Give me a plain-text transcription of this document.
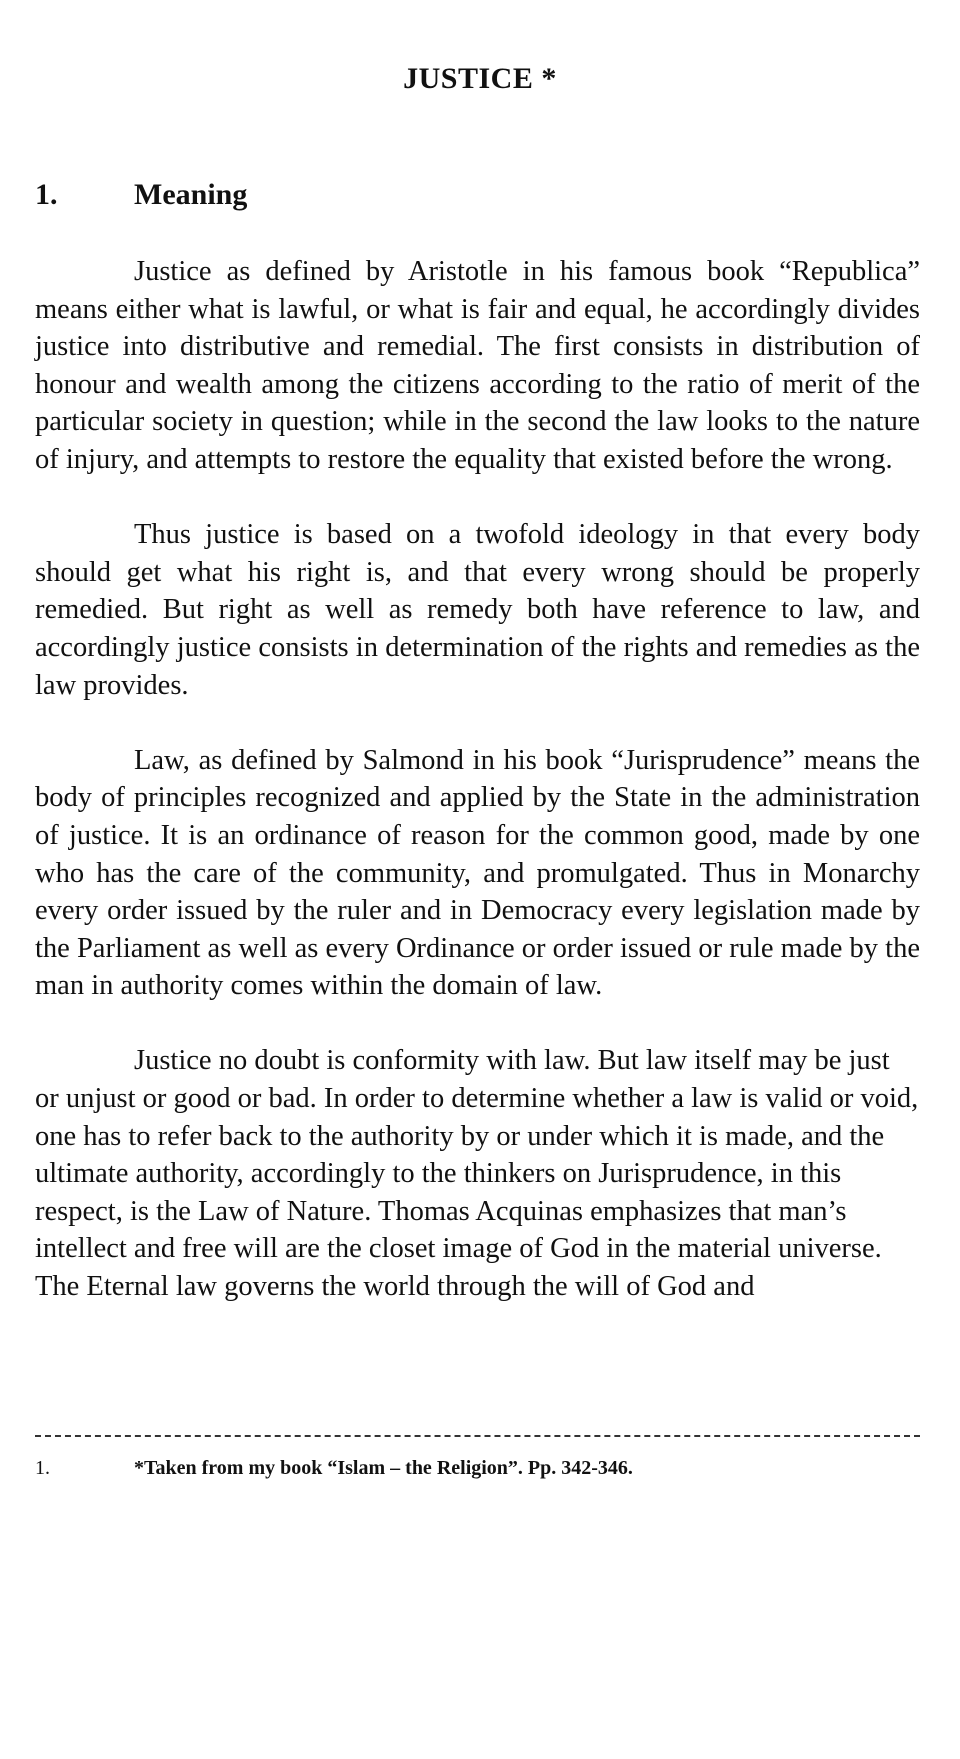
JUSTICE *
1.	Meaning

Justice as defined by Aristotle in his famous book “Republica” means either what is lawful, or what is fair and equal, he accordingly divides justice into distributive and remedial. The first consists in distribution of honour and wealth among the citizens according to the ratio of merit of the particular society in question; while in the second the law looks to the nature of injury, and attempts to restore the equality that existed before the wrong.

Thus justice is based on a twofold ideology in that every body should get what his right is, and that every wrong should be properly remedied. But right as well as remedy both have reference to law, and accordingly justice consists in determination of the rights and remedies as the law provides.

Law, as defined by Salmond in his book “Jurisprudence” means the body of principles recognized and applied by the State in the administration of justice. It is an ordinance of reason for the common good, made by one who has the care of the community, and promulgated. Thus in Monarchy every order issued by the ruler and in Democracy every legislation made by the Parliament as well as every Ordinance or order issued or rule made by the man in authority comes within the domain of law.

Justice no doubt is conformity with law. But law itself may be just or unjust or good or bad. In order to determine whether a law is valid or void, one has to refer back to the authority by or under which it is made, and the ultimate authority, accordingly to the thinkers on Jurisprudence, in this respect, is the Law of Nature. Thomas Acquinas emphasizes that man’s intellect and free will are the closet image of God in the material universe. The Eternal law governs the world through the will of God and

1.	*Taken from my book “Islam – the Religion”. Pp. 342-346.
